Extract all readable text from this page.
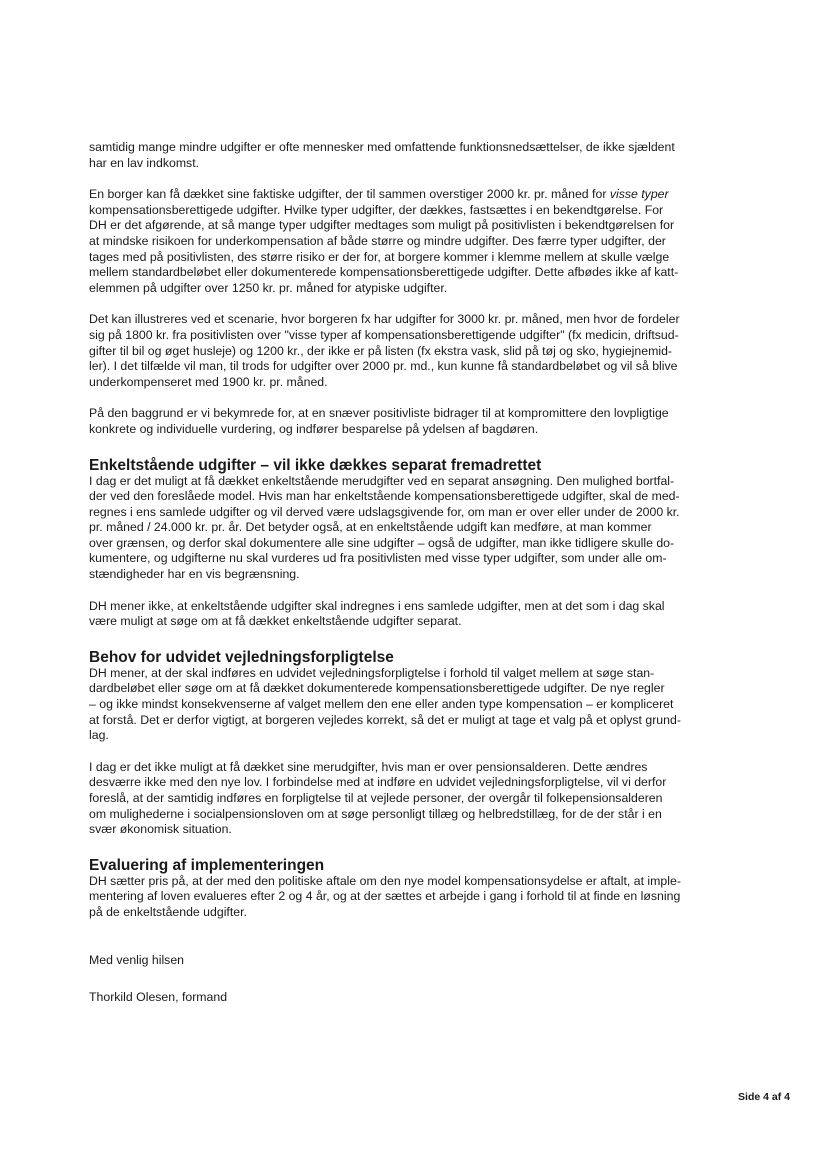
samtidig mange mindre udgifter er ofte mennesker med omfattende funktionsnedsættelser, de ikke sjældent
har en lav indkomst.
En borger kan få dækket sine faktiske udgifter, der til sammen overstiger 2000 kr. pr. måned for visse typer
kompensationsberettigede udgifter. Hvilke typer udgifter, der dækkes, fastsættes i en bekendtgørelse. For
DH er det afgørende, at så mange typer udgifter medtages som muligt på positivlisten i bekendtgørelsen for
at mindske risikoen for underkompensation af både større og mindre udgifter. Des færre typer udgifter, der
tages med på positivlisten, des større risiko er der for, at borgere kommer i klemme mellem at skulle vælge
mellem standardbeløbet eller dokumenterede kompensationsberettigede udgifter. Dette afbødes ikke af katt-
elemmen på udgifter over 1250 kr. pr. måned for atypiske udgifter.
Det kan illustreres ved et scenarie, hvor borgeren fx har udgifter for 3000 kr. pr. måned, men hvor de fordeler
sig på 1800 kr. fra positivlisten over "visse typer af kompensationsberettigende udgifter" (fx medicin, driftsud-
gifter til bil og øget husleje) og 1200 kr., der ikke er på listen (fx ekstra vask, slid på tøj og sko, hygiejnemid-
ler). I det tilfælde vil man, til trods for udgifter over 2000 pr. md., kun kunne få standardbeløbet og vil så blive
underkompenseret med 1900 kr. pr. måned.
På den baggrund er vi bekymrede for, at en snæver positivliste bidrager til at kompromittere den lovpligtige
konkrete og individuelle vurdering, og indfører besparelse på ydelsen af bagdøren.
Enkeltstående udgifter – vil ikke dækkes separat fremadrettet
I dag er det muligt at få dækket enkeltstående merudgifter ved en separat ansøgning. Den mulighed bortfal-
der ved den foreslåede model. Hvis man har enkeltstående kompensationsberettigede udgifter, skal de med-
regnes i ens samlede udgifter og vil derved være udslagsgivende for, om man er over eller under de 2000 kr.
pr. måned / 24.000 kr. pr. år. Det betyder også, at en enkeltstående udgift kan medføre, at man kommer
over grænsen, og derfor skal dokumentere alle sine udgifter – også de udgifter, man ikke tidligere skulle do-
kumentere, og udgifterne nu skal vurderes ud fra positivlisten med visse typer udgifter, som under alle om-
stændigheder har en vis begrænsning.
DH mener ikke, at enkeltstående udgifter skal indregnes i ens samlede udgifter, men at det som i dag skal
være muligt at søge om at få dækket enkeltstående udgifter separat.
Behov for udvidet vejledningsforpligtelse
DH mener, at der skal indføres en udvidet vejledningsforpligtelse i forhold til valget mellem at søge stan-
dardbeløbet eller søge om at få dækket dokumenterede kompensationsberettigede udgifter. De nye regler
– og ikke mindst konsekvenserne af valget mellem den ene eller anden type kompensation – er kompliceret
at forstå. Det er derfor vigtigt, at borgeren vejledes korrekt, så det er muligt at tage et valg på et oplyst grund-
lag.
I dag er det ikke muligt at få dækket sine merudgifter, hvis man er over pensionsalderen. Dette ændres
desværre ikke med den nye lov. I forbindelse med at indføre en udvidet vejledningsforpligtelse, vil vi derfor
foreslå, at der samtidig indføres en forpligtelse til at vejlede personer, der overgår til folkepensionsalderen
om mulighederne i socialpensionsloven om at søge personligt tillæg og helbredstillæg, for de der står i en
svær økonomisk situation.
Evaluering af implementeringen
DH sætter pris på, at der med den politiske aftale om den nye model kompensationsydelse er aftalt, at imple-
mentering af loven evalueres efter 2 og 4 år, og at der sættes et arbejde i gang i forhold til at finde en løsning
på de enkeltstående udgifter.
Med venlig hilsen
Thorkild Olesen, formand
Side 4 af 4
